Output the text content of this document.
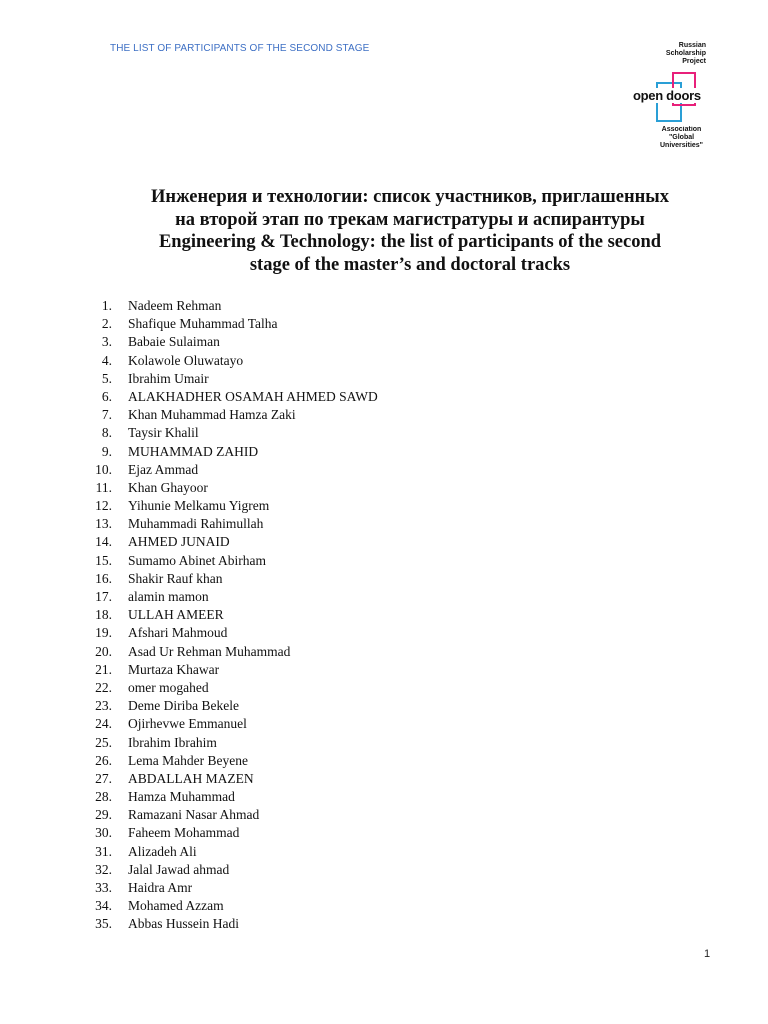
THE LIST OF PARTICIPANTS OF THE SECOND STAGE	Russian
Scholarship
Project
open doors
Association
"Global
Universities"
Инженерия и технологии: список участников, приглашенных
на второй этап по трекам магистратуры и аспирантуры
Engineering & Technology: the list of participants of the second
stage of the master’s and doctoral tracks
1. Nadeem Rehman
2. Shafique Muhammad Talha
3. Babaie Sulaiman
4. Kolawole Oluwatayo
5. Ibrahim Umair
6. ALAKHADHER OSAMAH AHMED SAWD
7. Khan Muhammad Hamza Zaki
8. Taysir Khalil
9. MUHAMMAD ZAHID
10. Ejaz Ammad
11. Khan Ghayoor
12. Yihunie Melkamu Yigrem
13. Muhammadi Rahimullah
14. AHMED JUNAID
15. Sumamo Abinet Abirham
16. Shakir Rauf khan
17. alamin mamon
18. ULLAH AMEER
19. Afshari Mahmoud
20. Asad Ur Rehman Muhammad
21. Murtaza Khawar
22. omer mogahed
23. Deme Diriba Bekele
24. Ojirhevwe Emmanuel
25. Ibrahim Ibrahim
26. Lema Mahder Beyene
27. ABDALLAH MAZEN
28. Hamza Muhammad
29. Ramazani Nasar Ahmad
30. Faheem Mohammad
31. Alizadeh Ali
32. Jalal Jawad ahmad
33. Haidra Amr
34. Mohamed Azzam
35. Abbas Hussein Hadi
1
